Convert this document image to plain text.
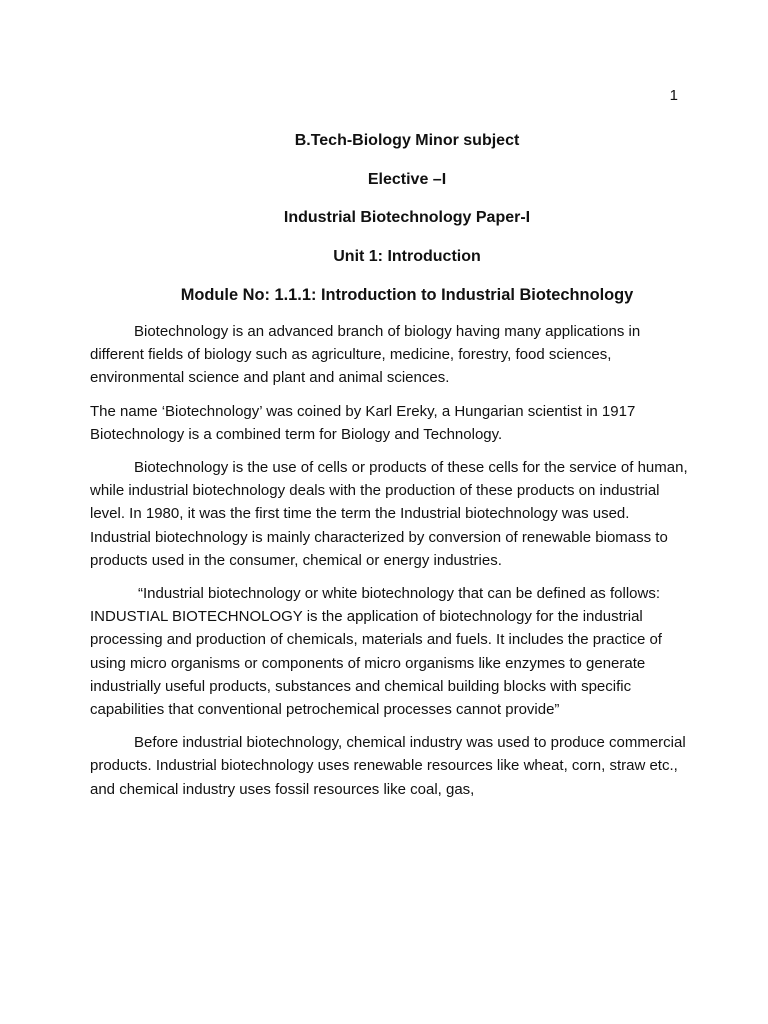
1
B.Tech-Biology Minor subject
Elective –I
Industrial Biotechnology Paper-I
Unit 1: Introduction
Module No: 1.1.1: Introduction to Industrial Biotechnology

Biotechnology is an advanced branch of biology having many applications in different fields of biology such as agriculture, medicine, forestry, food sciences, environmental science and plant and animal sciences.

The name ‘Biotechnology’ was coined by Karl Ereky, a Hungarian scientist in 1917 Biotechnology is a combined term for Biology and Technology.

Biotechnology is the use of cells or products of these cells for the service of human, while industrial biotechnology deals with the production of these products on industrial level. In 1980, it was the first time the term the Industrial biotechnology was used. Industrial biotechnology is mainly characterized by conversion of renewable biomass to products used in the consumer, chemical or energy industries.

“Industrial biotechnology or white biotechnology that can be defined as follows: INDUSTIAL BIOTECHNOLOGY is the application of biotechnology for the industrial processing and production of chemicals, materials and fuels. It includes the practice of using micro organisms or components of micro organisms like enzymes to generate industrially useful products, substances and chemical building blocks with specific capabilities that conventional petrochemical processes cannot provide”

Before industrial biotechnology, chemical industry was used to produce commercial products. Industrial biotechnology uses renewable resources like wheat, corn, straw etc., and chemical industry uses fossil resources like coal, gas,
